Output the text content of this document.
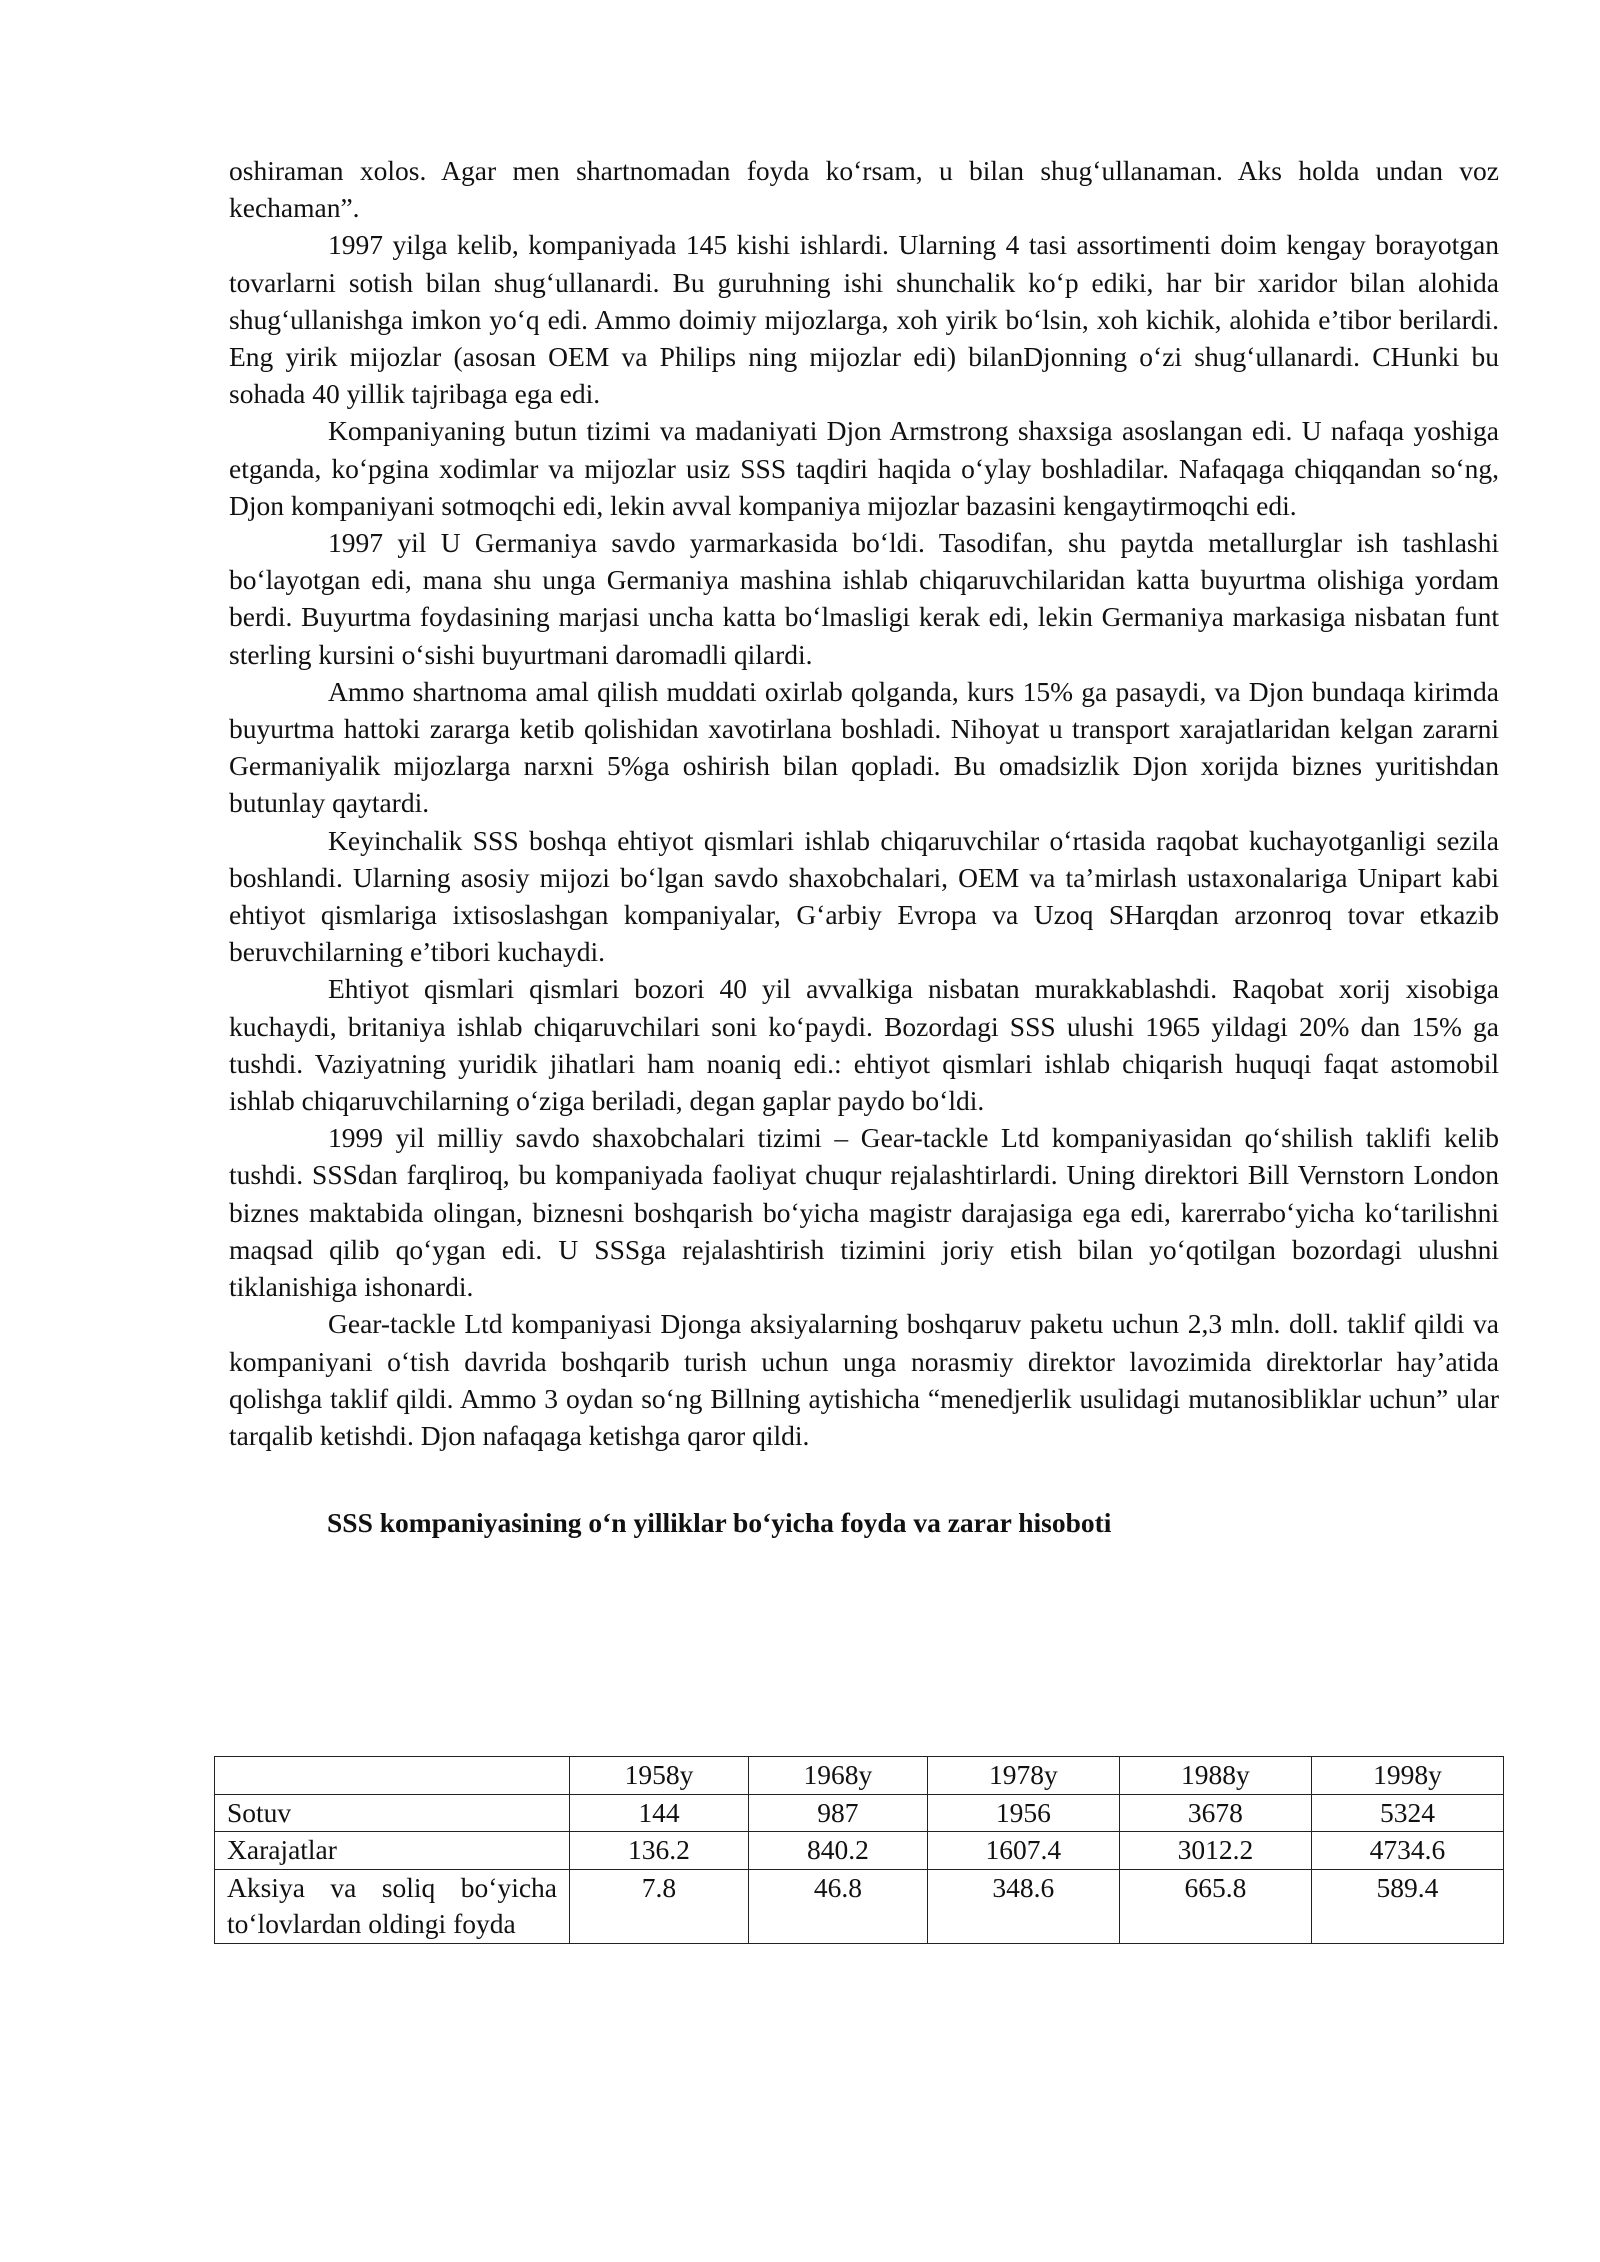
oshiraman xolos. Agar men shartnomadan foyda koʻrsam, u bilan shugʻullanaman. Aks holda undan voz kechaman”.

1997 yilga kelib, kompaniyada 145 kishi ishlardi. Ularning 4 tasi assortimenti doim kengay borayotgan tovarlarni sotish bilan shugʻullanardi. Bu guruhning ishi shunchalik koʻp ediki, har bir xaridor bilan alohida shugʻullanishga imkon yoʻq edi. Ammo doimiy mijozlarga, xoh yirik boʻlsin, xoh kichik, alohida e’tibor berilardi. Eng yirik mijozlar (asosan OEM va Philips ning mijozlar edi) bilanDjonning oʻzi shugʻullanardi. CHunki bu sohada 40 yillik tajribaga ega edi.

Kompaniyaning butun tizimi va madaniyati Djon Armstrong shaxsiga asoslangan edi. U nafaqa yoshiga etganda, koʻpgina xodimlar va mijozlar usiz SSS taqdiri haqida oʻylay boshladilar. Nafaqaga chiqqandan soʻng, Djon kompaniyani sotmoqchi edi, lekin avval kompaniya mijozlar bazasini kengaytirmoqchi edi.

1997 yil U Germaniya savdo yarmarkasida boʻldi. Tasodifan, shu paytda metallurglar ish tashlashi boʻlayotgan edi, mana shu unga Germaniya mashina ishlab chiqaruvchilaridan katta buyurtma olishiga yordam berdi. Buyurtma foydasining marjasi uncha katta boʻlmasligi kerak edi, lekin Germaniya markasiga nisbatan funt sterling kursini oʻsishi buyurtmani daromadli qilardi.

Ammo shartnoma amal qilish muddati oxirlab qolganda, kurs 15% ga pasaydi, va Djon bundaqa kirimda buyurtma hattoki zararga ketib qolishidan xavotirlana boshladi. Nihoyat u transport xarajatlaridan kelgan zararni Germaniyalik mijozlarga narxni 5%ga oshirish bilan qopladi. Bu omadsizlik Djon xorijda biznes yuritishdan butunlay qaytardi.

Keyinchalik SSS boshqa ehtiyot qismlari ishlab chiqaruvchilar oʻrtasida raqobat kuchayotganligi sezila boshlandi. Ularning asosiy mijozi boʻlgan savdo shaxobchalari, OEM va ta’mirlash ustaxonalariga Unipart kabi ehtiyot qismlariga ixtisoslashgan kompaniyalar, Gʻarbiy Evropa va Uzoq SHarqdan arzonroq tovar etkazib beruvchilarning e’tibori kuchaydi.

Ehtiyot qismlari qismlari bozori 40 yil avvalkiga nisbatan murakkablashdi. Raqobat xorij xisobiga kuchaydi, britaniya ishlab chiqaruvchilari soni koʻpaydi. Bozordagi SSS ulushi 1965 yildagi 20% dan 15% ga tushdi. Vaziyatning yuridik jihatlari ham noaniq edi.: ehtiyot qismlari ishlab chiqarish huquqi faqat astomobil ishlab chiqaruvchilarning oʻziga beriladi, degan gaplar paydo boʻldi.

1999 yil milliy savdo shaxobchalari tizimi – Gear-tackle Ltd kompaniyasidan qoʻshilish taklifi kelib tushdi. SSSdan farqliroq, bu kompaniyada faoliyat chuqur rejalashtirlardi. Uning direktori Bill Vernstorn London biznes maktabida olingan, biznesni boshqarish boʻyicha magistr darajasiga ega edi, karerraboʻyicha koʻtarilishni maqsad qilib qoʻygan edi. U SSSga rejalashtirish tizimini joriy etish bilan yoʻqotilgan bozordagi ulushni tiklanishiga ishonardi.

Gear-tackle Ltd kompaniyasi Djonga aksiyalarning boshqaruv paketu uchun 2,3 mln. doll. taklif qildi va kompaniyani oʻtish davrida boshqarib turish uchun unga norasmiy direktor lavozimida direktorlar hay’atida qolishga taklif qildi. Ammo 3 oydan soʻng Billning aytishicha “menedjerlik usulidagi mutanosibliklar uchun” ular tarqalib ketishdi. Djon nafaqaga ketishga qaror qildi.

SSS kompaniyasining oʻn yilliklar boʻyicha foyda va zarar hisoboti
	1958y	1968y	1978y	1988y	1998y
Sotuv	144	987	1956	3678	5324
Xarajatlar	136.2	840.2	1607.4	3012.2	4734.6
Aksiya va soliq boʻyicha toʻlovlardan oldingi foyda	7.8	46.8	348.6	665.8	589.4
